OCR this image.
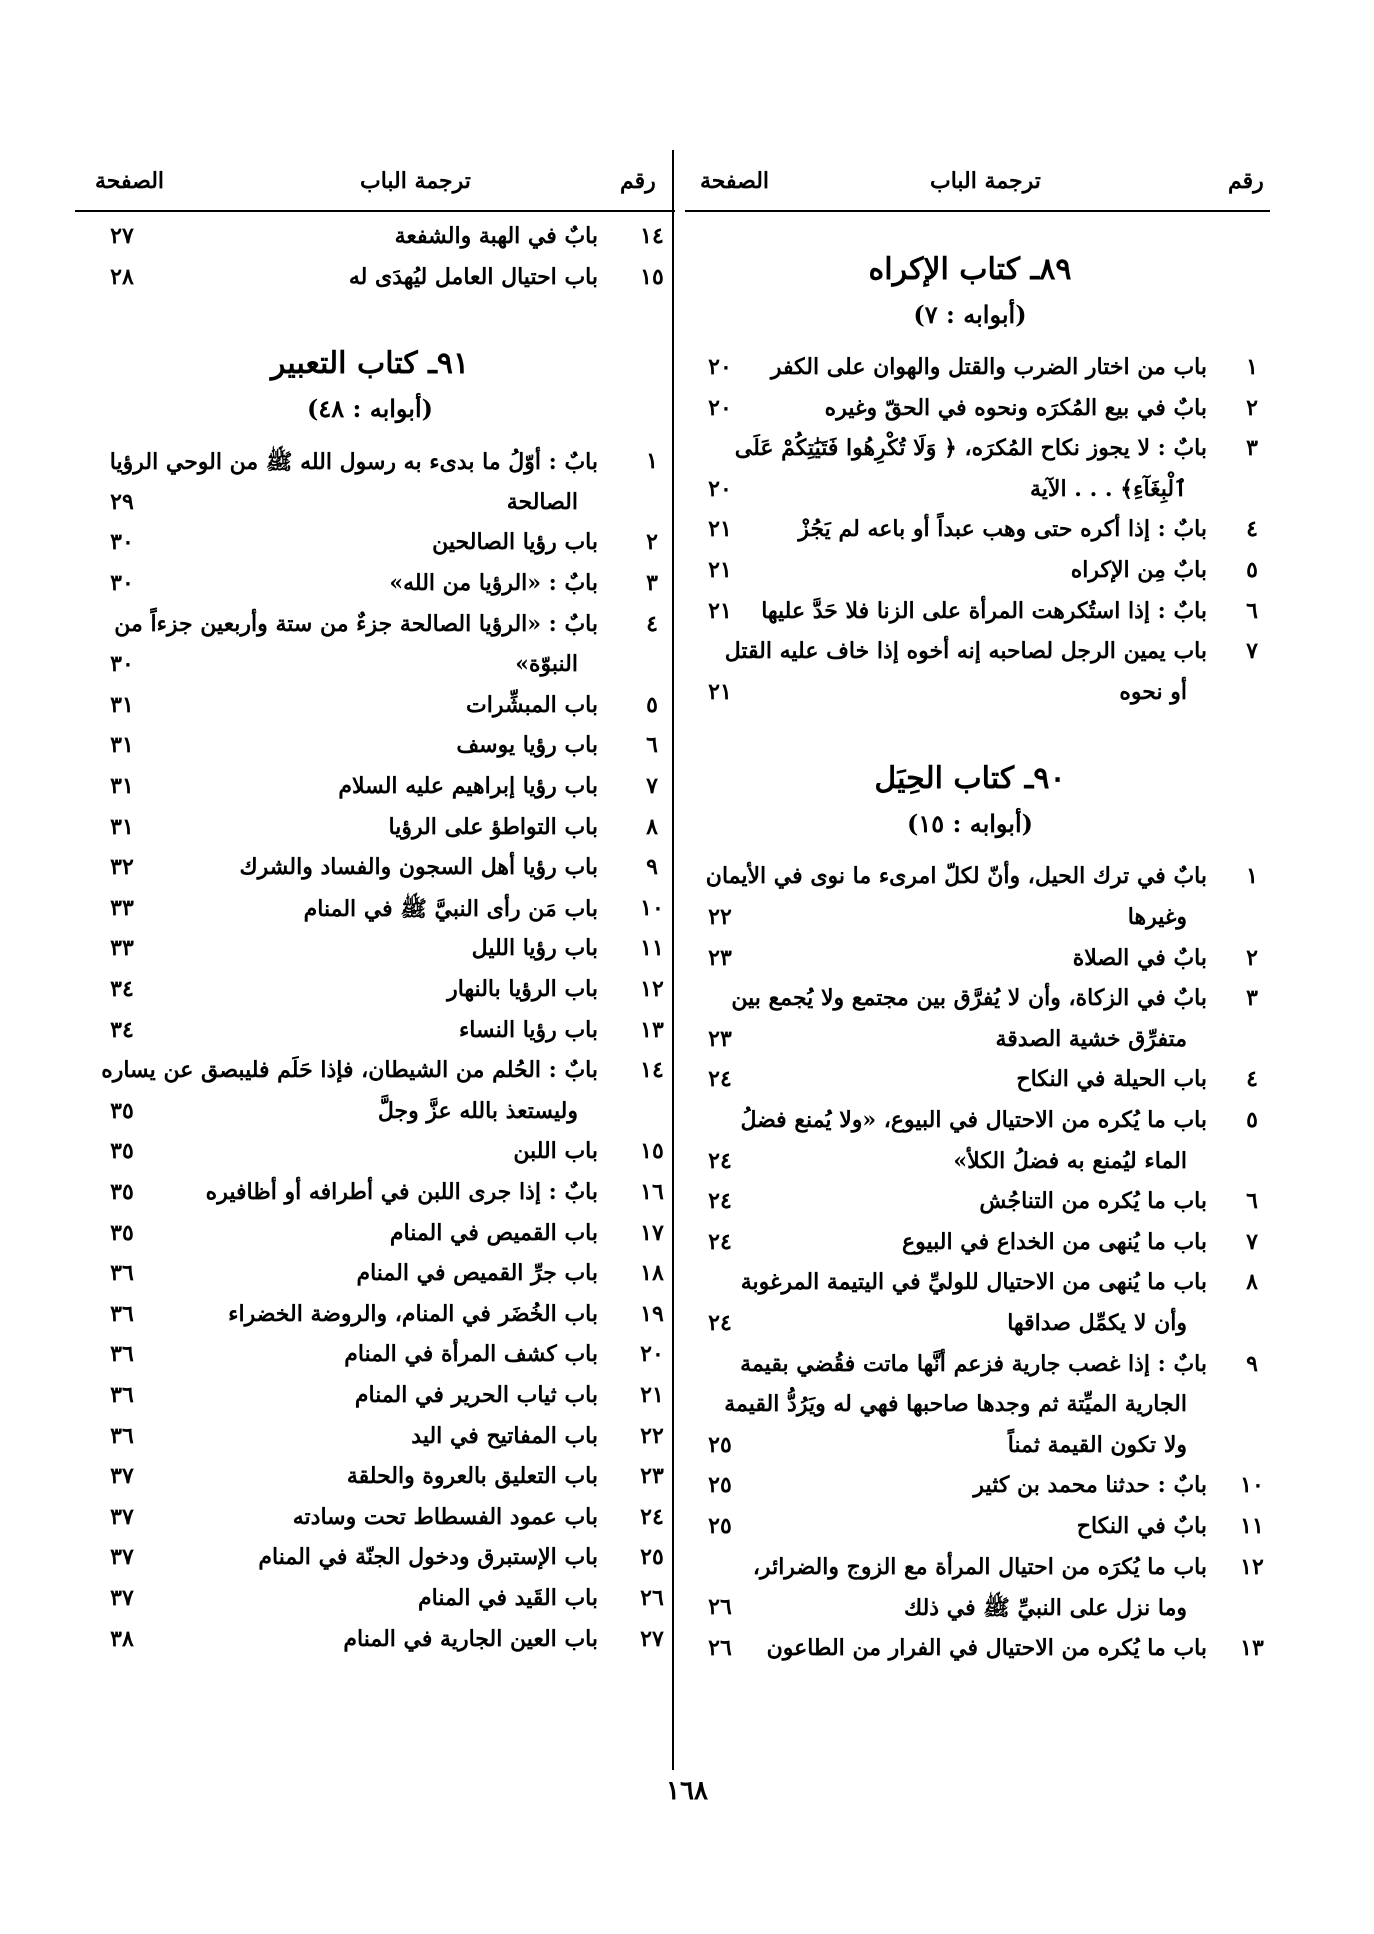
رقم
ترجمة الباب
الصفحة
رقم
ترجمة الباب
الصفحة
٨٩ـ كتاب الإكراه
(أبوابه : ٧)
١
باب من اختار الضرب والقتل والهوان على الكفر
٢٠
٢
بابٌ في بيع المُكرَه ونحوه في الحقّ وغيره
٢٠
٣
بابٌ : لا يجوز نكاح المُكرَه، ﴿ وَلَا تُكْرِهُوا فَتَيَٰتِكُمْ عَلَى
ٱلْبِغَآءِ﴾ . . . الآية
٢٠
٤
بابٌ : إذا أكره حتى وهب عبداً أو باعه لم يَجُزْ
٢١
٥
بابٌ مِن الإكراه
٢١
٦
بابٌ : إذا استُكرهت المرأة على الزنا فلا حَدَّ عليها
٢١
٧
باب يمين الرجل لصاحبه إنه أخوه إذا خاف عليه القتل
أو نحوه
٢١
٩٠ـ كتاب الحِيَل
(أبوابه : ١٥)
١
بابٌ في ترك الحيل، وأنّ لكلّ امرىء ما نوى في الأيمان
وغيرها
٢٢
٢
بابٌ في الصلاة
٢٣
٣
بابٌ في الزكاة، وأن لا يُفرَّق بين مجتمع ولا يُجمع بين
متفرِّق خشية الصدقة
٢٣
٤
باب الحيلة في النكاح
٢٤
٥
باب ما يُكره من الاحتيال في البيوع، «ولا يُمنع فضلُ
الماء ليُمنع به فضلُ الكلأ»
٢٤
٦
باب ما يُكره من التناجُش
٢٤
٧
باب ما يُنهى من الخداع في البيوع
٢٤
٨
باب ما يُنهى من الاحتيال للوليِّ في اليتيمة المرغوبة
وأن لا يكمِّل صداقها
٢٤
٩
بابٌ : إذا غصب جارية فزعم أنَّها ماتت فقُضي بقيمة
الجارية الميِّتة ثم وجدها صاحبها فهي له ويَرُدُّ القيمة
ولا تكون القيمة ثمناً
٢٥
١٠
بابٌ : حدثنا محمد بن كثير
٢٥
١١
بابٌ في النكاح
٢٥
١٢
باب ما يُكرَه من احتيال المرأة مع الزوج والضرائر،
وما نزل على النبيِّ ﷺ في ذلك
٢٦
١٣
باب ما يُكره من الاحتيال في الفرار من الطاعون
٢٦
١٤
بابٌ في الهبة والشفعة
٢٧
١٥
باب احتيال العامل ليُهدَى له
٢٨
٩١ـ كتاب التعبير
(أبوابه : ٤٨)
١
بابٌ : أوّلُ ما بدىء به رسول الله ﷺ من الوحي الرؤيا
الصالحة
٢٩
٢
باب رؤيا الصالحين
٣٠
٣
بابٌ : «الرؤيا من الله»
٣٠
٤
بابٌ : «الرؤيا الصالحة جزءٌ من ستة وأربعين جزءاً من
النبوّة»
٣٠
٥
باب المبشِّرات
٣١
٦
باب رؤيا يوسف
٣١
٧
باب رؤيا إبراهيم عليه السلام
٣١
٨
باب التواطؤ على الرؤيا
٣١
٩
باب رؤيا أهل السجون والفساد والشرك
٣٢
١٠
باب مَن رأى النبيَّ ﷺ في المنام
٣٣
١١
باب رؤيا الليل
٣٣
١٢
باب الرؤيا بالنهار
٣٤
١٣
باب رؤيا النساء
٣٤
١٤
بابٌ : الحُلم من الشيطان، فإذا حَلَم فليبصق عن يساره
وليستعذ بالله عزَّ وجلَّ
٣٥
١٥
باب اللبن
٣٥
١٦
بابٌ : إذا جرى اللبن في أطرافه أو أظافيره
٣٥
١٧
باب القميص في المنام
٣٥
١٨
باب جرِّ القميص في المنام
٣٦
١٩
باب الخُضَر في المنام، والروضة الخضراء
٣٦
٢٠
باب كشف المرأة في المنام
٣٦
٢١
باب ثياب الحرير في المنام
٣٦
٢٢
باب المفاتيح في اليد
٣٦
٢٣
باب التعليق بالعروة والحلقة
٣٧
٢٤
باب عمود الفسطاط تحت وسادته
٣٧
٢٥
باب الإستبرق ودخول الجنّة في المنام
٣٧
٢٦
باب القَيد في المنام
٣٧
٢٧
باب العين الجارية في المنام
٣٨
١٦٨
